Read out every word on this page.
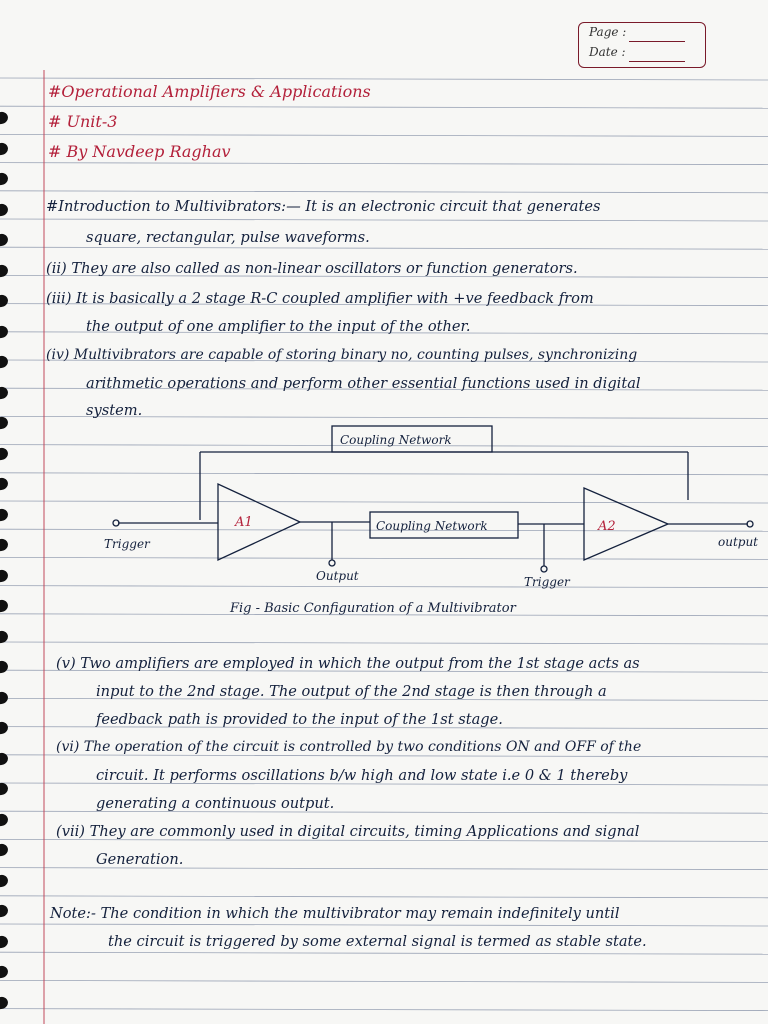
Page :
Date :
#Operational Amplifiers & Applications
# Unit-3
# By Navdeep Raghav
#Introduction to Multivibrators:— It is an electronic circuit that generates
square, rectangular, pulse waveforms.
(ii) They are also called as non-linear oscillators or function generators.
(iii) It is basically a 2 stage R-C coupled amplifier with +ve feedback from
the output of one amplifier to the input of the other.
(iv) Multivibrators are capable of storing binary no, counting pulses, synchronizing
arithmetic operations and perform other essential functions used in digital
system.
Coupling Network
Coupling Network
A1	A2
Trigger
Output	Trigger
output
Fig - Basic Configuration of a Multivibrator
(v) Two amplifiers are employed in which the output from the 1st stage acts as
input to the 2nd stage. The output of the 2nd stage is then through a
feedback path is provided to the input of the 1st stage.
(vi) The operation of the circuit is controlled by two conditions ON and OFF of the
circuit. It performs oscillations b/w high and low state i.e 0 & 1 thereby
generating a continuous output.
(vii) They are commonly used in digital circuits, timing Applications and signal
Generation.
Note:- The condition in which the multivibrator may remain indefinitely until
the circuit is triggered by some external signal is termed as stable state.
